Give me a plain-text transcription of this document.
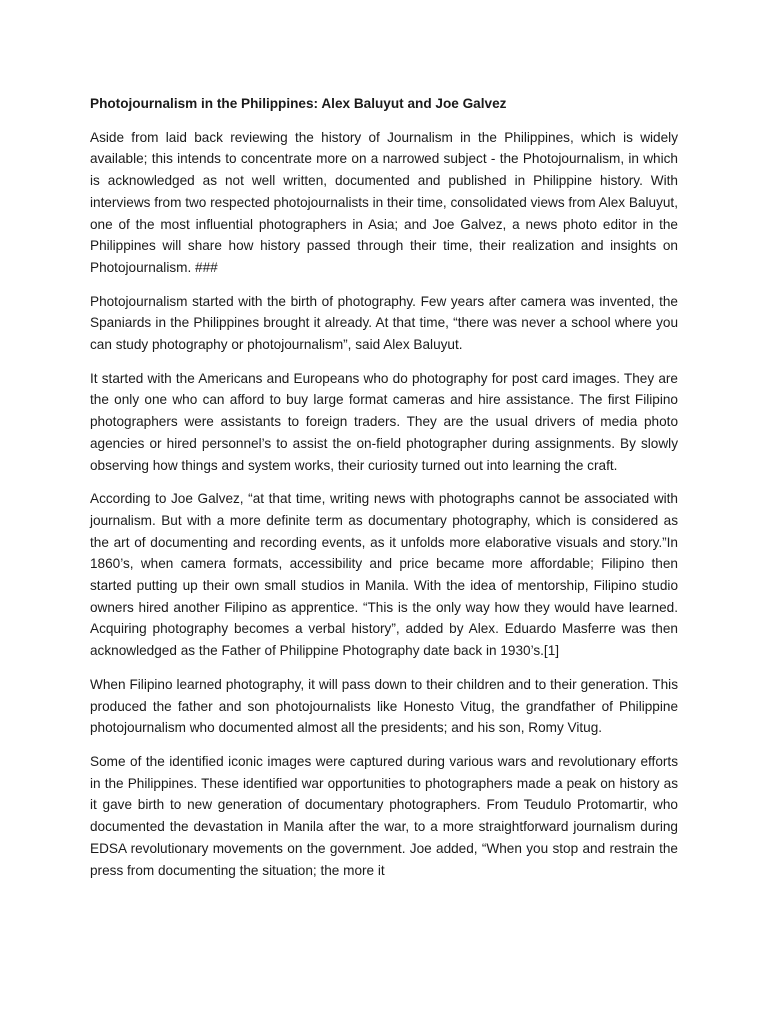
Photojournalism in the Philippines: Alex Baluyut and Joe Galvez

Aside from laid back reviewing the history of Journalism in the Philippines, which is widely available; this intends to concentrate more on a narrowed subject - the Photojournalism, in which is acknowledged as not well written, documented and published in Philippine history. With interviews from two respected photojournalists in their time, consolidated views from Alex Baluyut, one of the most influential photographers in Asia; and Joe Galvez, a news photo editor in the Philippines will share how history passed through their time, their realization and insights on Photojournalism. ###

Photojournalism started with the birth of photography. Few years after camera was invented, the Spaniards in the Philippines brought it already. At that time, “there was never a school where you can study photography or photojournalism”, said Alex Baluyut.

It started with the Americans and Europeans who do photography for post card images. They are the only one who can afford to buy large format cameras and hire assistance. The first Filipino photographers were assistants to foreign traders. They are the usual drivers of media photo agencies or hired personnel’s to assist the on-field photographer during assignments. By slowly observing how things and system works, their curiosity turned out into learning the craft.

According to Joe Galvez, “at that time, writing news with photographs cannot be associated with journalism. But with a more definite term as documentary photography, which is considered as the art of documenting and recording events, as it unfolds more elaborative visuals and story.”In 1860’s, when camera formats, accessibility and price became more affordable; Filipino then started putting up their own small studios in Manila. With the idea of mentorship, Filipino studio owners hired another Filipino as apprentice. “This is the only way how they would have learned. Acquiring photography becomes a verbal history”, added by Alex. Eduardo Masferre was then acknowledged as the Father of Philippine Photography date back in 1930’s.[1]

When Filipino learned photography, it will pass down to their children and to their generation. This produced the father and son photojournalists like Honesto Vitug, the grandfather of Philippine photojournalism who documented almost all the presidents; and his son, Romy Vitug.

Some of the identified iconic images were captured during various wars and revolutionary efforts in the Philippines. These identified war opportunities to photographers made a peak on history as it gave birth to new generation of documentary photographers. From Teudulo Protomartir, who documented the devastation in Manila after the war, to a more straightforward journalism during EDSA revolutionary movements on the government. Joe added, “When you stop and restrain the press from documenting the situation; the more it
